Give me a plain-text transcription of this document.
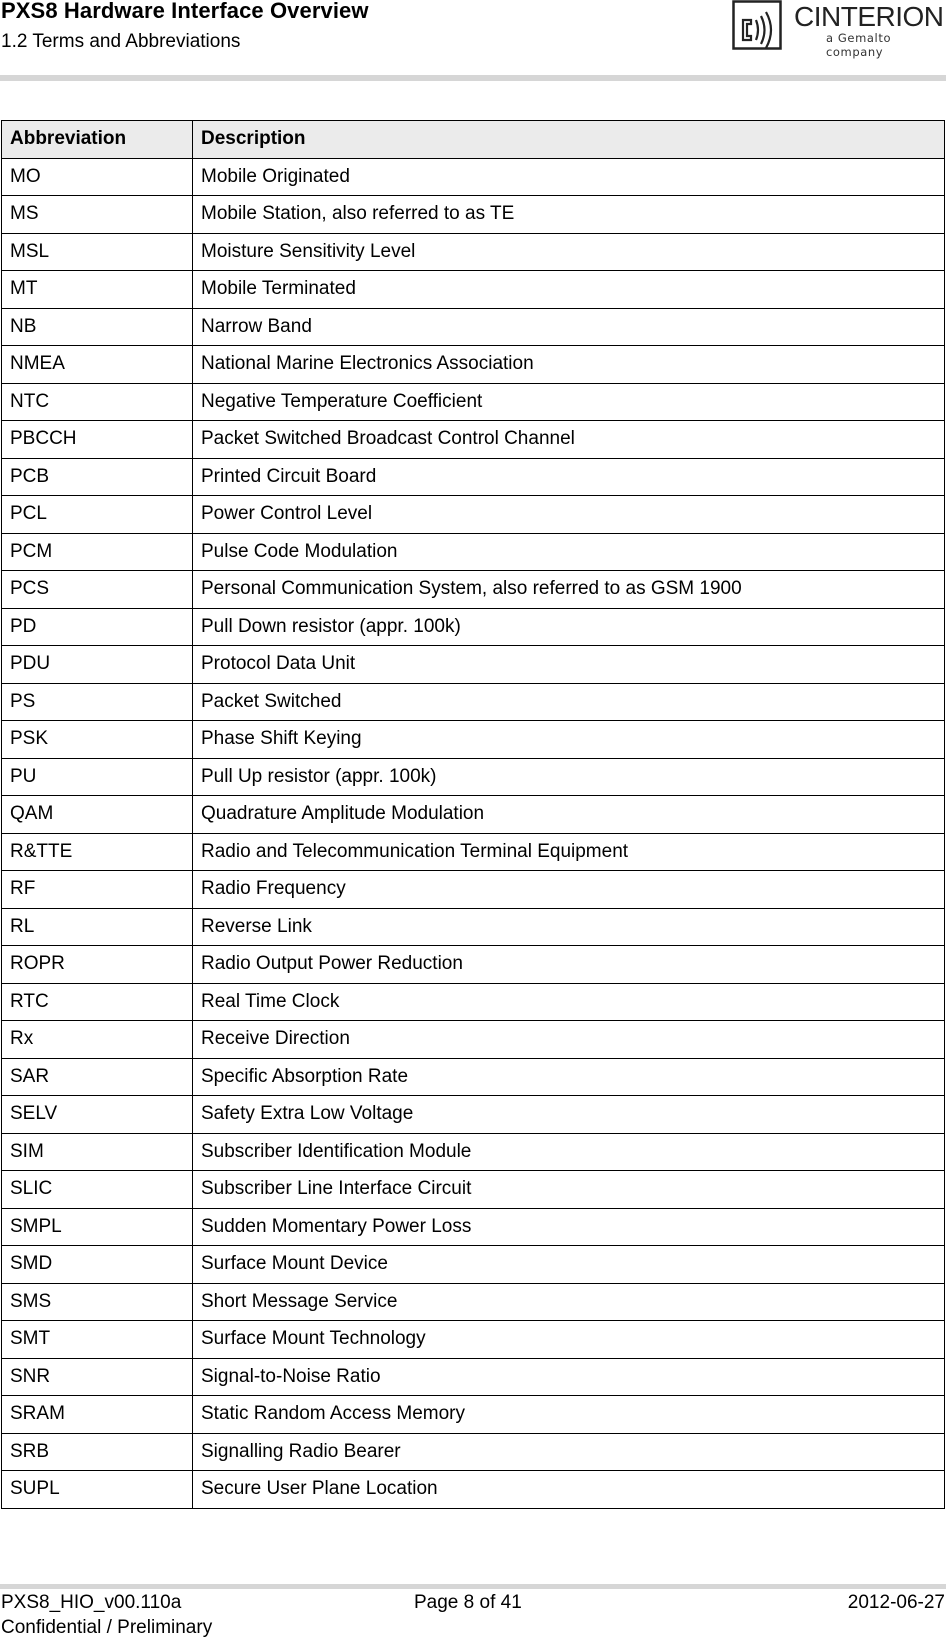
PXS8 Hardware Interface Overview
1.2 Terms and Abbreviations
CINTERION
a Gemalto company
Abbreviation	Description
MO	Mobile Originated
MS	Mobile Station, also referred to as TE
MSL	Moisture Sensitivity Level
MT	Mobile Terminated
NB	Narrow Band
NMEA	National Marine Electronics Association
NTC	Negative Temperature Coefficient
PBCCH	Packet Switched Broadcast Control Channel
PCB	Printed Circuit Board
PCL	Power Control Level
PCM	Pulse Code Modulation
PCS	Personal Communication System, also referred to as GSM 1900
PD	Pull Down resistor (appr. 100k)
PDU	Protocol Data Unit
PS	Packet Switched
PSK	Phase Shift Keying
PU	Pull Up resistor (appr. 100k)
QAM	Quadrature Amplitude Modulation
R&TTE	Radio and Telecommunication Terminal Equipment
RF	Radio Frequency
RL	Reverse Link
ROPR	Radio Output Power Reduction
RTC	Real Time Clock
Rx	Receive Direction
SAR	Specific Absorption Rate
SELV	Safety Extra Low Voltage
SIM	Subscriber Identification Module
SLIC	Subscriber Line Interface Circuit
SMPL	Sudden Momentary Power Loss
SMD	Surface Mount Device
SMS	Short Message Service
SMT	Surface Mount Technology
SNR	Signal-to-Noise Ratio
SRAM	Static Random Access Memory
SRB	Signalling Radio Bearer
SUPL	Secure User Plane Location
PXS8_HIO_v00.110a	Page 8 of 41	2012-06-27
Confidential / Preliminary
